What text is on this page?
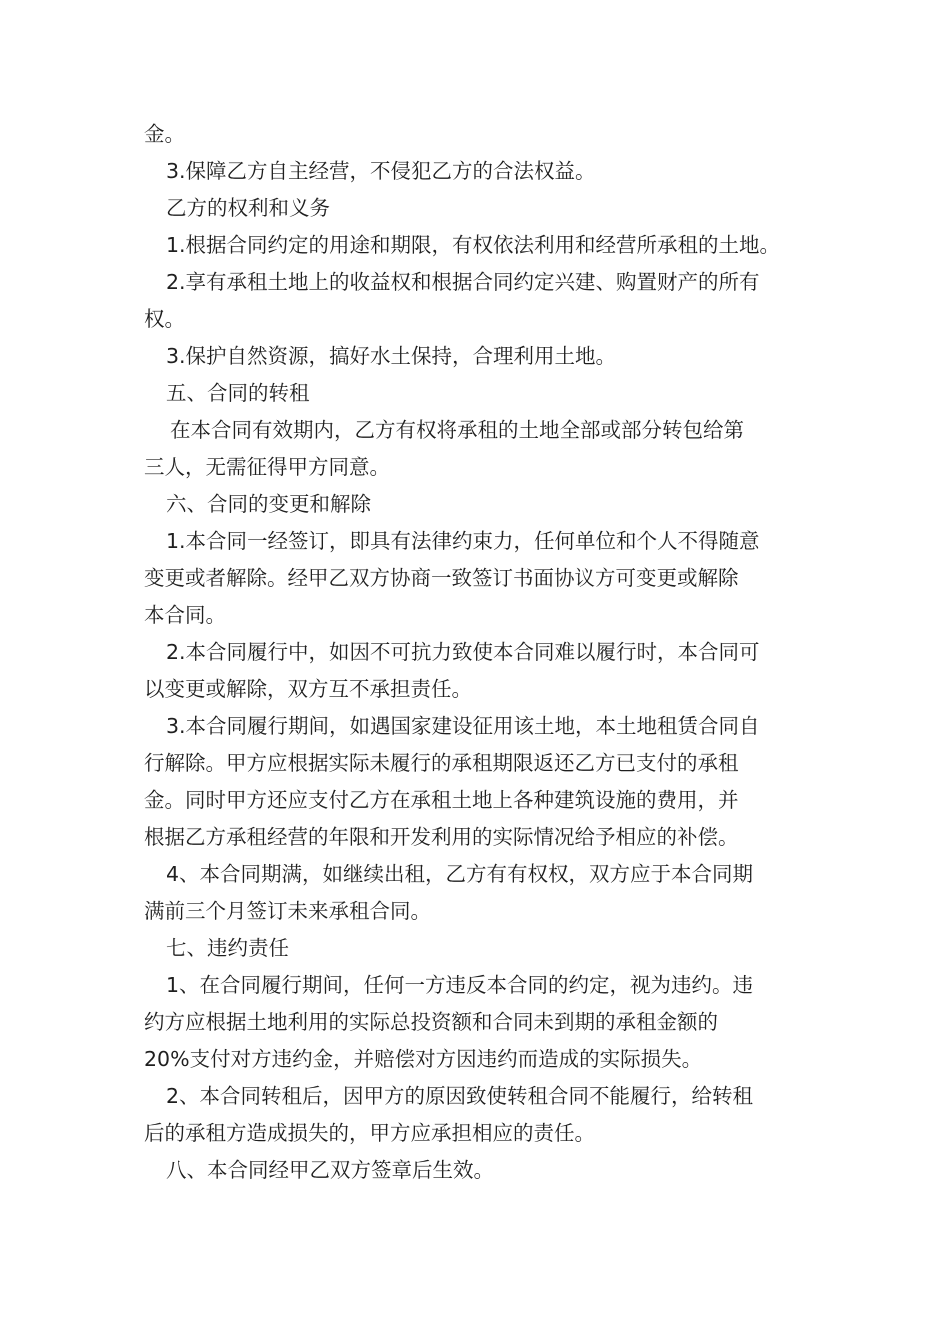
金。

3.保障乙方自主经营，不侵犯乙方的合法权益。

乙方的权利和义务

1.根据合同约定的用途和期限，有权依法利用和经营所承租的土地。

2.享有承租土地上的收益权和根据合同约定兴建、购置财产的所有

权。

3.保护自然资源，搞好水土保持，合理利用土地。

五、合同的转租

在本合同有效期内，乙方有权将承租的土地全部或部分转包给第

三人，无需征得甲方同意。

六、合同的变更和解除

1.本合同一经签订，即具有法律约束力，任何单位和个人不得随意

变更或者解除。经甲乙双方协商一致签订书面协议方可变更或解除

本合同。

2.本合同履行中，如因不可抗力致使本合同难以履行时，本合同可

以变更或解除，双方互不承担责任。

3.本合同履行期间，如遇国家建设征用该土地，本土地租赁合同自

行解除。甲方应根据实际未履行的承租期限返还乙方已支付的承租

金。同时甲方还应支付乙方在承租土地上各种建筑设施的费用，并

根据乙方承租经营的年限和开发利用的实际情况给予相应的补偿。

4、本合同期满，如继续出租，乙方有有权权，双方应于本合同期

满前三个月签订未来承租合同。

七、违约责任

1、在合同履行期间，任何一方违反本合同的约定，视为违约。违

约方应根据土地利用的实际总投资额和合同未到期的承租金额的

20%支付对方违约金，并赔偿对方因违约而造成的实际损失。

2、本合同转租后，因甲方的原因致使转租合同不能履行，给转租

后的承租方造成损失的，甲方应承担相应的责任。

八、本合同经甲乙双方签章后生效。
